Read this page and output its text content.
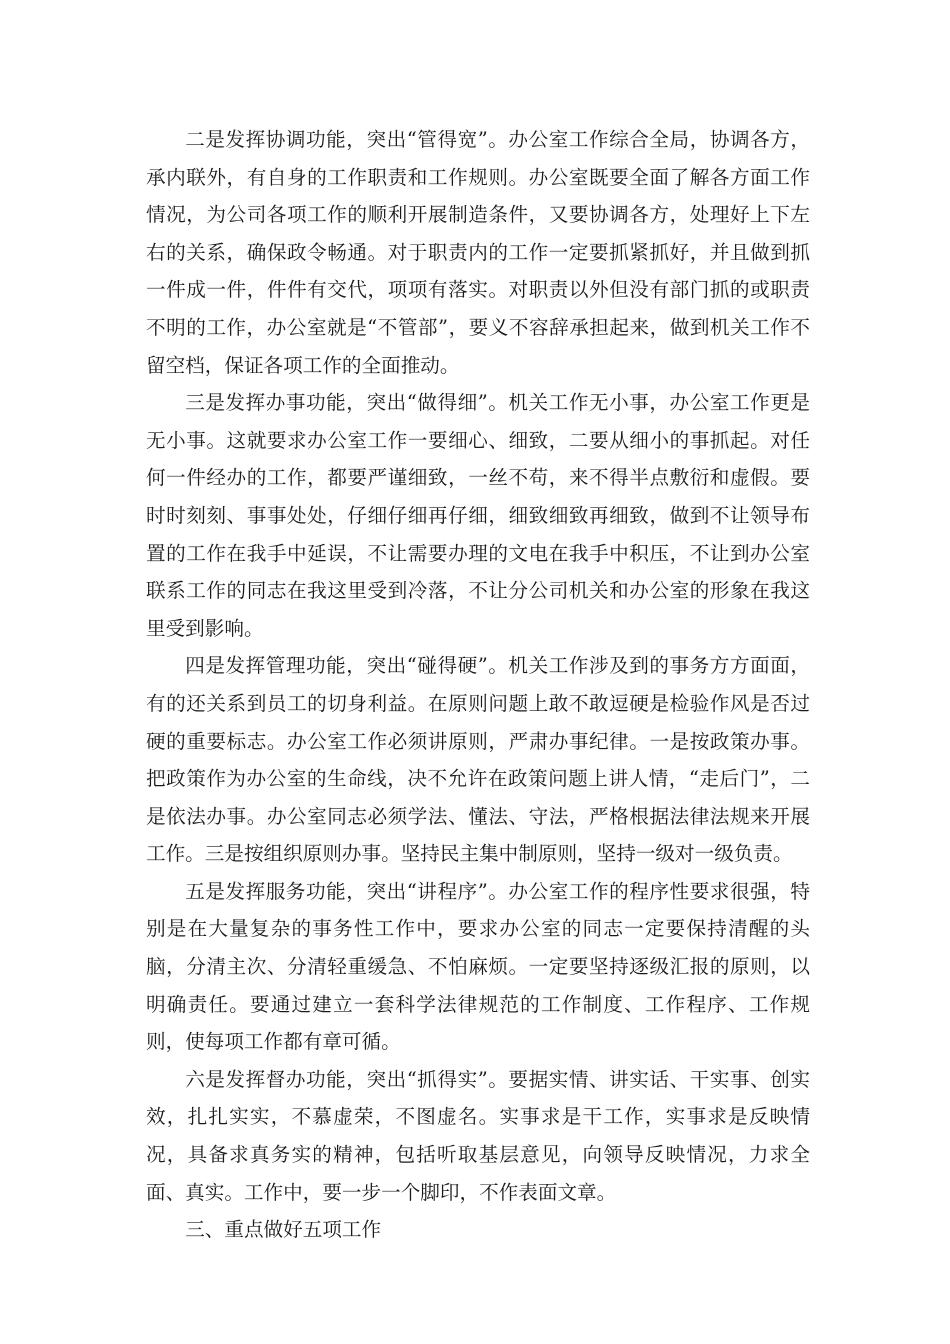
二是发挥协调功能，突出“管得宽”。办公室工作综合全局，协调各方，承内联外，有自身的工作职责和工作规则。办公室既要全面了解各方面工作情况，为公司各项工作的顺利开展制造条件，又要协调各方，处理好上下左右的关系，确保政令畅通。对于职责内的工作一定要抓紧抓好，并且做到抓一件成一件，件件有交代，项项有落实。对职责以外但没有部门抓的或职责不明的工作，办公室就是“不管部”，要义不容辞承担起来，做到机关工作不留空档，保证各项工作的全面推动。

三是发挥办事功能，突出“做得细”。机关工作无小事，办公室工作更是无小事。这就要求办公室工作一要细心、细致，二要从细小的事抓起。对任何一件经办的工作，都要严谨细致，一丝不苟，来不得半点敷衍和虚假。要时时刻刻、事事处处，仔细仔细再仔细，细致细致再细致，做到不让领导布置的工作在我手中延误，不让需要办理的文电在我手中积压，不让到办公室联系工作的同志在我这里受到冷落，不让分公司机关和办公室的形象在我这里受到影响。

四是发挥管理功能，突出“碰得硬”。机关工作涉及到的事务方方面面，有的还关系到员工的切身利益。在原则问题上敢不敢逗硬是检验作风是否过硬的重要标志。办公室工作必须讲原则，严肃办事纪律。一是按政策办事。把政策作为办公室的生命线，决不允许在政策问题上讲人情，“走后门”，二是依法办事。办公室同志必须学法、懂法、守法，严格根据法律法规来开展工作。三是按组织原则办事。坚持民主集中制原则，坚持一级对一级负责。

五是发挥服务功能，突出“讲程序”。办公室工作的程序性要求很强，特别是在大量复杂的事务性工作中，要求办公室的同志一定要保持清醒的头脑，分清主次、分清轻重缓急、不怕麻烦。一定要坚持逐级汇报的原则，以明确责任。要通过建立一套科学法律规范的工作制度、工作程序、工作规则，使每项工作都有章可循。

六是发挥督办功能，突出“抓得实”。要据实情、讲实话、干实事、创实效，扎扎实实，不慕虚荣，不图虚名。实事求是干工作，实事求是反映情况，具备求真务实的精神，包括听取基层意见，向领导反映情况，力求全面、真实。工作中，要一步一个脚印，不作表面文章。

三、重点做好五项工作
